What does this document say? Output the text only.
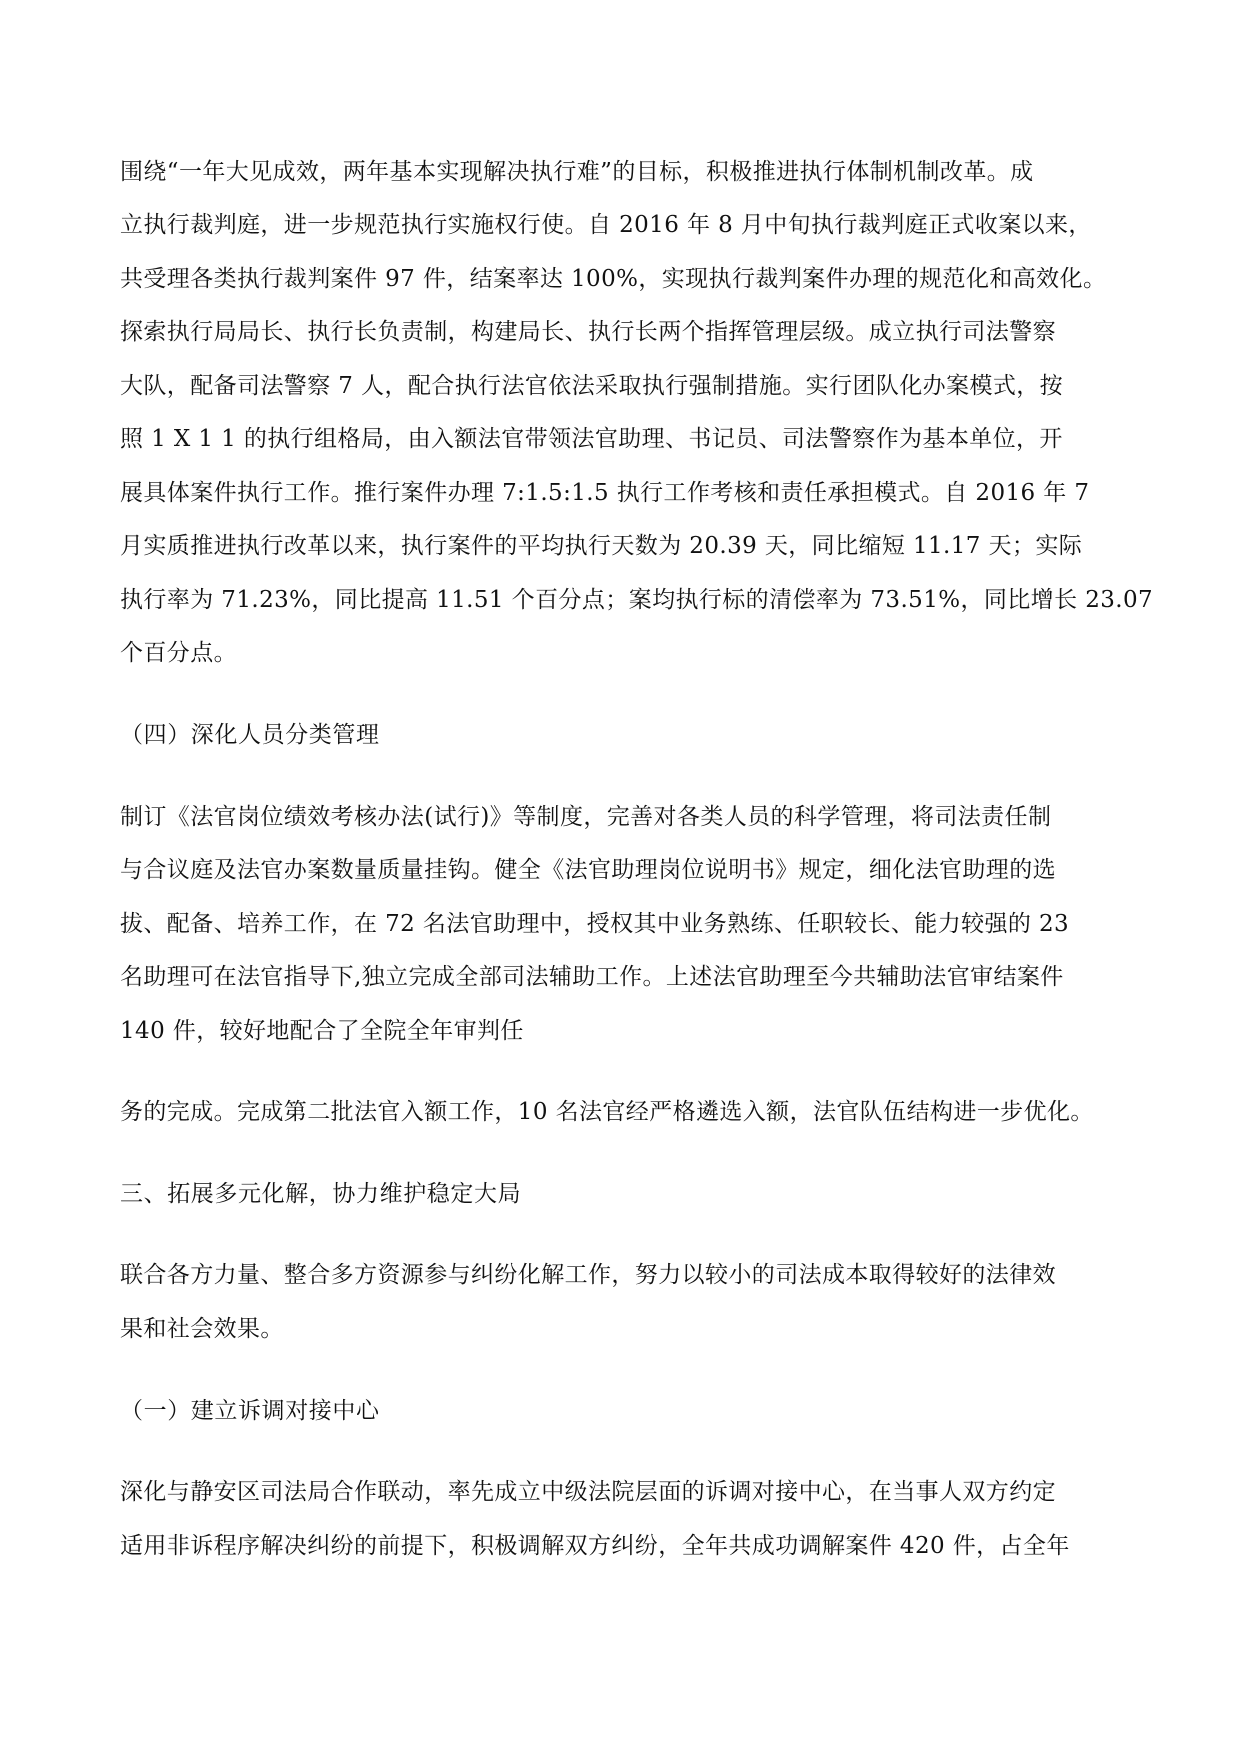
围绕“一年大见成效，两年基本实现解决执行难”的目标，积极推进执行体制机制改革。成
立执行裁判庭，进一步规范执行实施权行使。自 2016 年 8 月中旬执行裁判庭正式收案以来，
共受理各类执行裁判案件 97 件，结案率达 100%，实现执行裁判案件办理的规范化和高效化。
探索执行局局长、执行长负责制，构建局长、执行长两个指挥管理层级。成立执行司法警察
大队，配备司法警察 7 人，配合执行法官依法采取执行强制措施。实行团队化办案模式，按
照 1 X 1 1 的执行组格局，由入额法官带领法官助理、书记员、司法警察作为基本单位，开
展具体案件执行工作。推行案件办理 7:1.5:1.5 执行工作考核和责任承担模式。自 2016 年 7
月实质推进执行改革以来，执行案件的平均执行天数为 20.39 天，同比缩短 11.17 天；实际
执行率为 71.23%，同比提高 11.51 个百分点；案均执行标的清偿率为 73.51%，同比增长 23.07
个百分点。
（四）深化人员分类管理
制订《法官岗位绩效考核办法(试行)》等制度，完善对各类人员的科学管理，将司法责任制
与合议庭及法官办案数量质量挂钩。健全《法官助理岗位说明书》规定，细化法官助理的选
拔、配备、培养工作，在 72 名法官助理中，授权其中业务熟练、任职较长、能力较强的 23
名助理可在法官指导下,独立完成全部司法辅助工作。上述法官助理至今共辅助法官审结案件
140 件，较好地配合了全院全年审判任
务的完成。完成第二批法官入额工作，10 名法官经严格遴选入额，法官队伍结构进一步优化。
三、拓展多元化解，协力维护稳定大局
联合各方力量、整合多方资源参与纠纷化解工作，努力以较小的司法成本取得较好的法律效
果和社会效果。
（一）建立诉调对接中心
深化与静安区司法局合作联动，率先成立中级法院层面的诉调对接中心，在当事人双方约定
适用非诉程序解决纠纷的前提下，积极调解双方纠纷，全年共成功调解案件 420 件，占全年
